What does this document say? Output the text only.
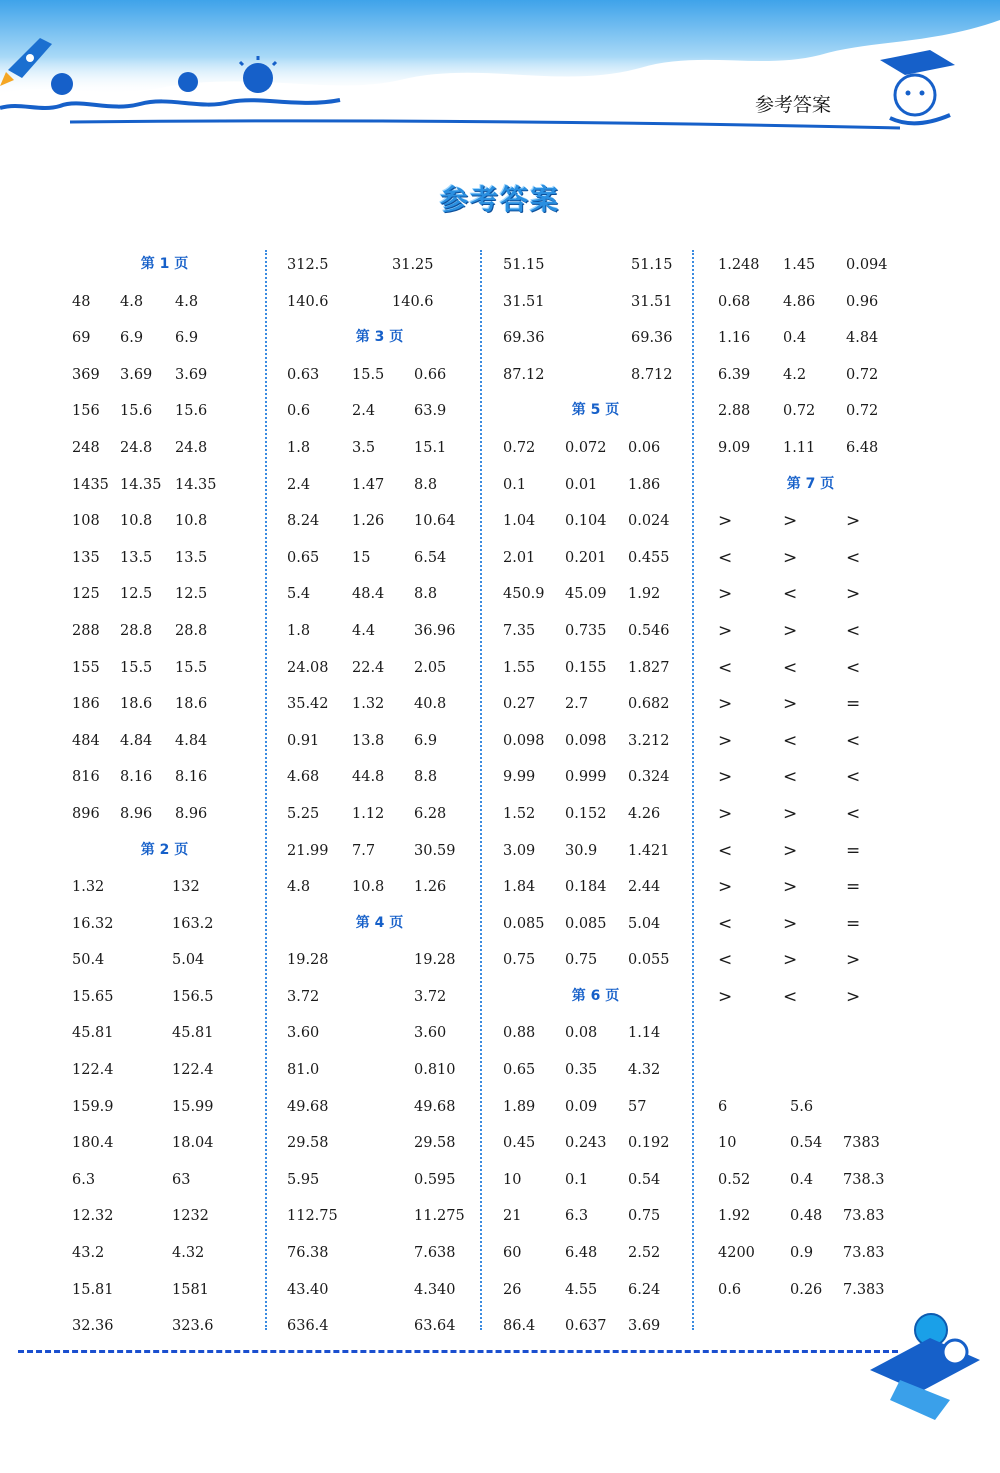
参考答案
参考答案
第 1 页
48 4.8 4.8
69 6.9 6.9
369 3.69 3.69
156 15.6 15.6
248 24.8 24.8
1435 14.35 14.35
108 10.8 10.8
135 13.5 13.5
125 12.5 12.5
288 28.8 28.8
155 15.5 15.5
186 18.6 18.6
484 4.84 4.84
816 8.16 8.16
896 8.96 8.96
第 2 页
1.32	132
16.32	163.2
50.4	5.04
15.65	156.5
45.81	45.81
122.4	122.4
159.9	15.99
180.4	18.04
6.3	63
12.32	1232
43.2	4.32
15.81	1581
32.36	323.6
312.5	31.25
140.6	140.6
第 3 页
0.63 15.5 0.66
0.6	2.4	63.9
1.8	3.5	15.1
2.4	1.47 8.8
8.24 1.26 10.64
0.65 15	6.54
5.4	48.4 8.8
1.8	4.4	36.96
24.08 22.4 2.05
35.42 1.32 40.8
0.91 13.8 6.9
4.68 44.8 8.8
5.25 1.12 6.28
21.99 7.7	30.59
4.8	10.8 1.26
第 4 页
19.28	19.28
3.72	3.72
3.60	3.60
81.0	0.810
49.68	49.68
29.58	29.58
5.95	0.595
112.75	11.275
76.38	7.638
43.40	4.340
636.4	63.64
51.15	51.15
31.51	31.51
69.36	69.36
87.12	8.712
第 5 页
0.72 0.072 0.06
0.1	0.01 1.86
1.04 0.104 0.024
2.01 0.201 0.455
450.9 45.09 1.92
7.35 0.735 0.546
1.55 0.155 1.827
0.27 2.7	0.682
0.098 0.098 3.212
9.99 0.999 0.324
1.52 0.152 4.26
3.09 30.9 1.421
1.84 0.184 2.44
0.085 0.085 5.04
0.75 0.75 0.055
第 6 页
0.88 0.08 1.14
0.65 0.35 4.32
1.89 0.09 57
0.45 0.243 0.192
10	0.1	0.54
21	6.3	0.75
60	6.48 2.52
26	4.55 6.24
86.4 0.637 3.69
1.248 1.45 0.094
0.68 4.86 0.96
1.16 0.4	4.84
6.39 4.2	0.72
2.88 0.72 0.72
9.09 1.11 6.48
第 7 页
>	>	>
<	>	<
>	<	>
>	>	<
<	<	<
>	>	=
>	<	<
>	<	<
>	>	<
<	>	=
>	>	=
<	>	=
<	>	>
>	<	>
6	5.6
10	0.54 7383
0.52	0.4 738.3
1.92	0.48 73.83
4200 0.9 73.83
0.6	0.26 7.383
